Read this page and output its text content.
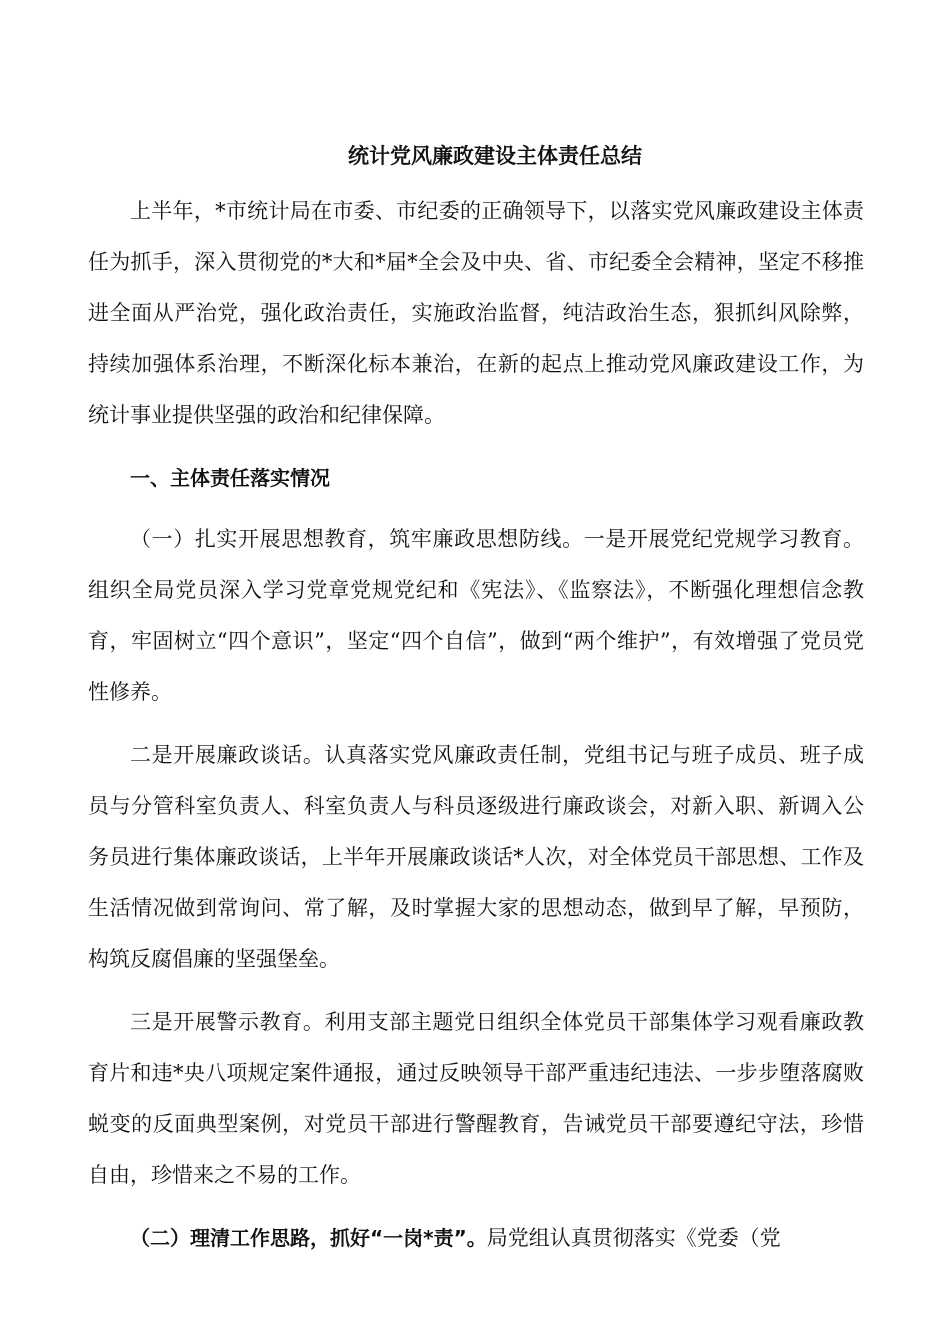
统计党风廉政建设主体责任总结

上半年，*市统计局在市委、市纪委的正确领导下，以落实党风廉政建设主体责任为抓手，深入贯彻党的*大和*届*全会及中央、省、市纪委全会精神，坚定不移推进全面从严治党，强化政治责任，实施政治监督，纯洁政治生态，狠抓纠风除弊，持续加强体系治理，不断深化标本兼治，在新的起点上推动党风廉政建设工作，为统计事业提供坚强的政治和纪律保障。

一、主体责任落实情况

（一）扎实开展思想教育，筑牢廉政思想防线。一是开展党纪党规学习教育。组织全局党员深入学习党章党规党纪和《宪法》、《监察法》，不断强化理想信念教育，牢固树立“四个意识”，坚定“四个自信”，做到“两个维护”，有效增强了党员党性修养。

二是开展廉政谈话。认真落实党风廉政责任制，党组书记与班子成员、班子成员与分管科室负责人、科室负责人与科员逐级进行廉政谈会，对新入职、新调入公务员进行集体廉政谈话，上半年开展廉政谈话*人次，对全体党员干部思想、工作及生活情况做到常询问、常了解，及时掌握大家的思想动态，做到早了解，早预防，构筑反腐倡廉的坚强堡垒。

三是开展警示教育。利用支部主题党日组织全体党员干部集体学习观看廉政教育片和违*央八项规定案件通报，通过反映领导干部严重违纪违法、一步步堕落腐败蜕变的反面典型案例，对党员干部进行警醒教育，告诫党员干部要遵纪守法，珍惜自由，珍惜来之不易的工作。

（二）理清工作思路，抓好“一岗*责”。局党组认真贯彻落实《党委（党
